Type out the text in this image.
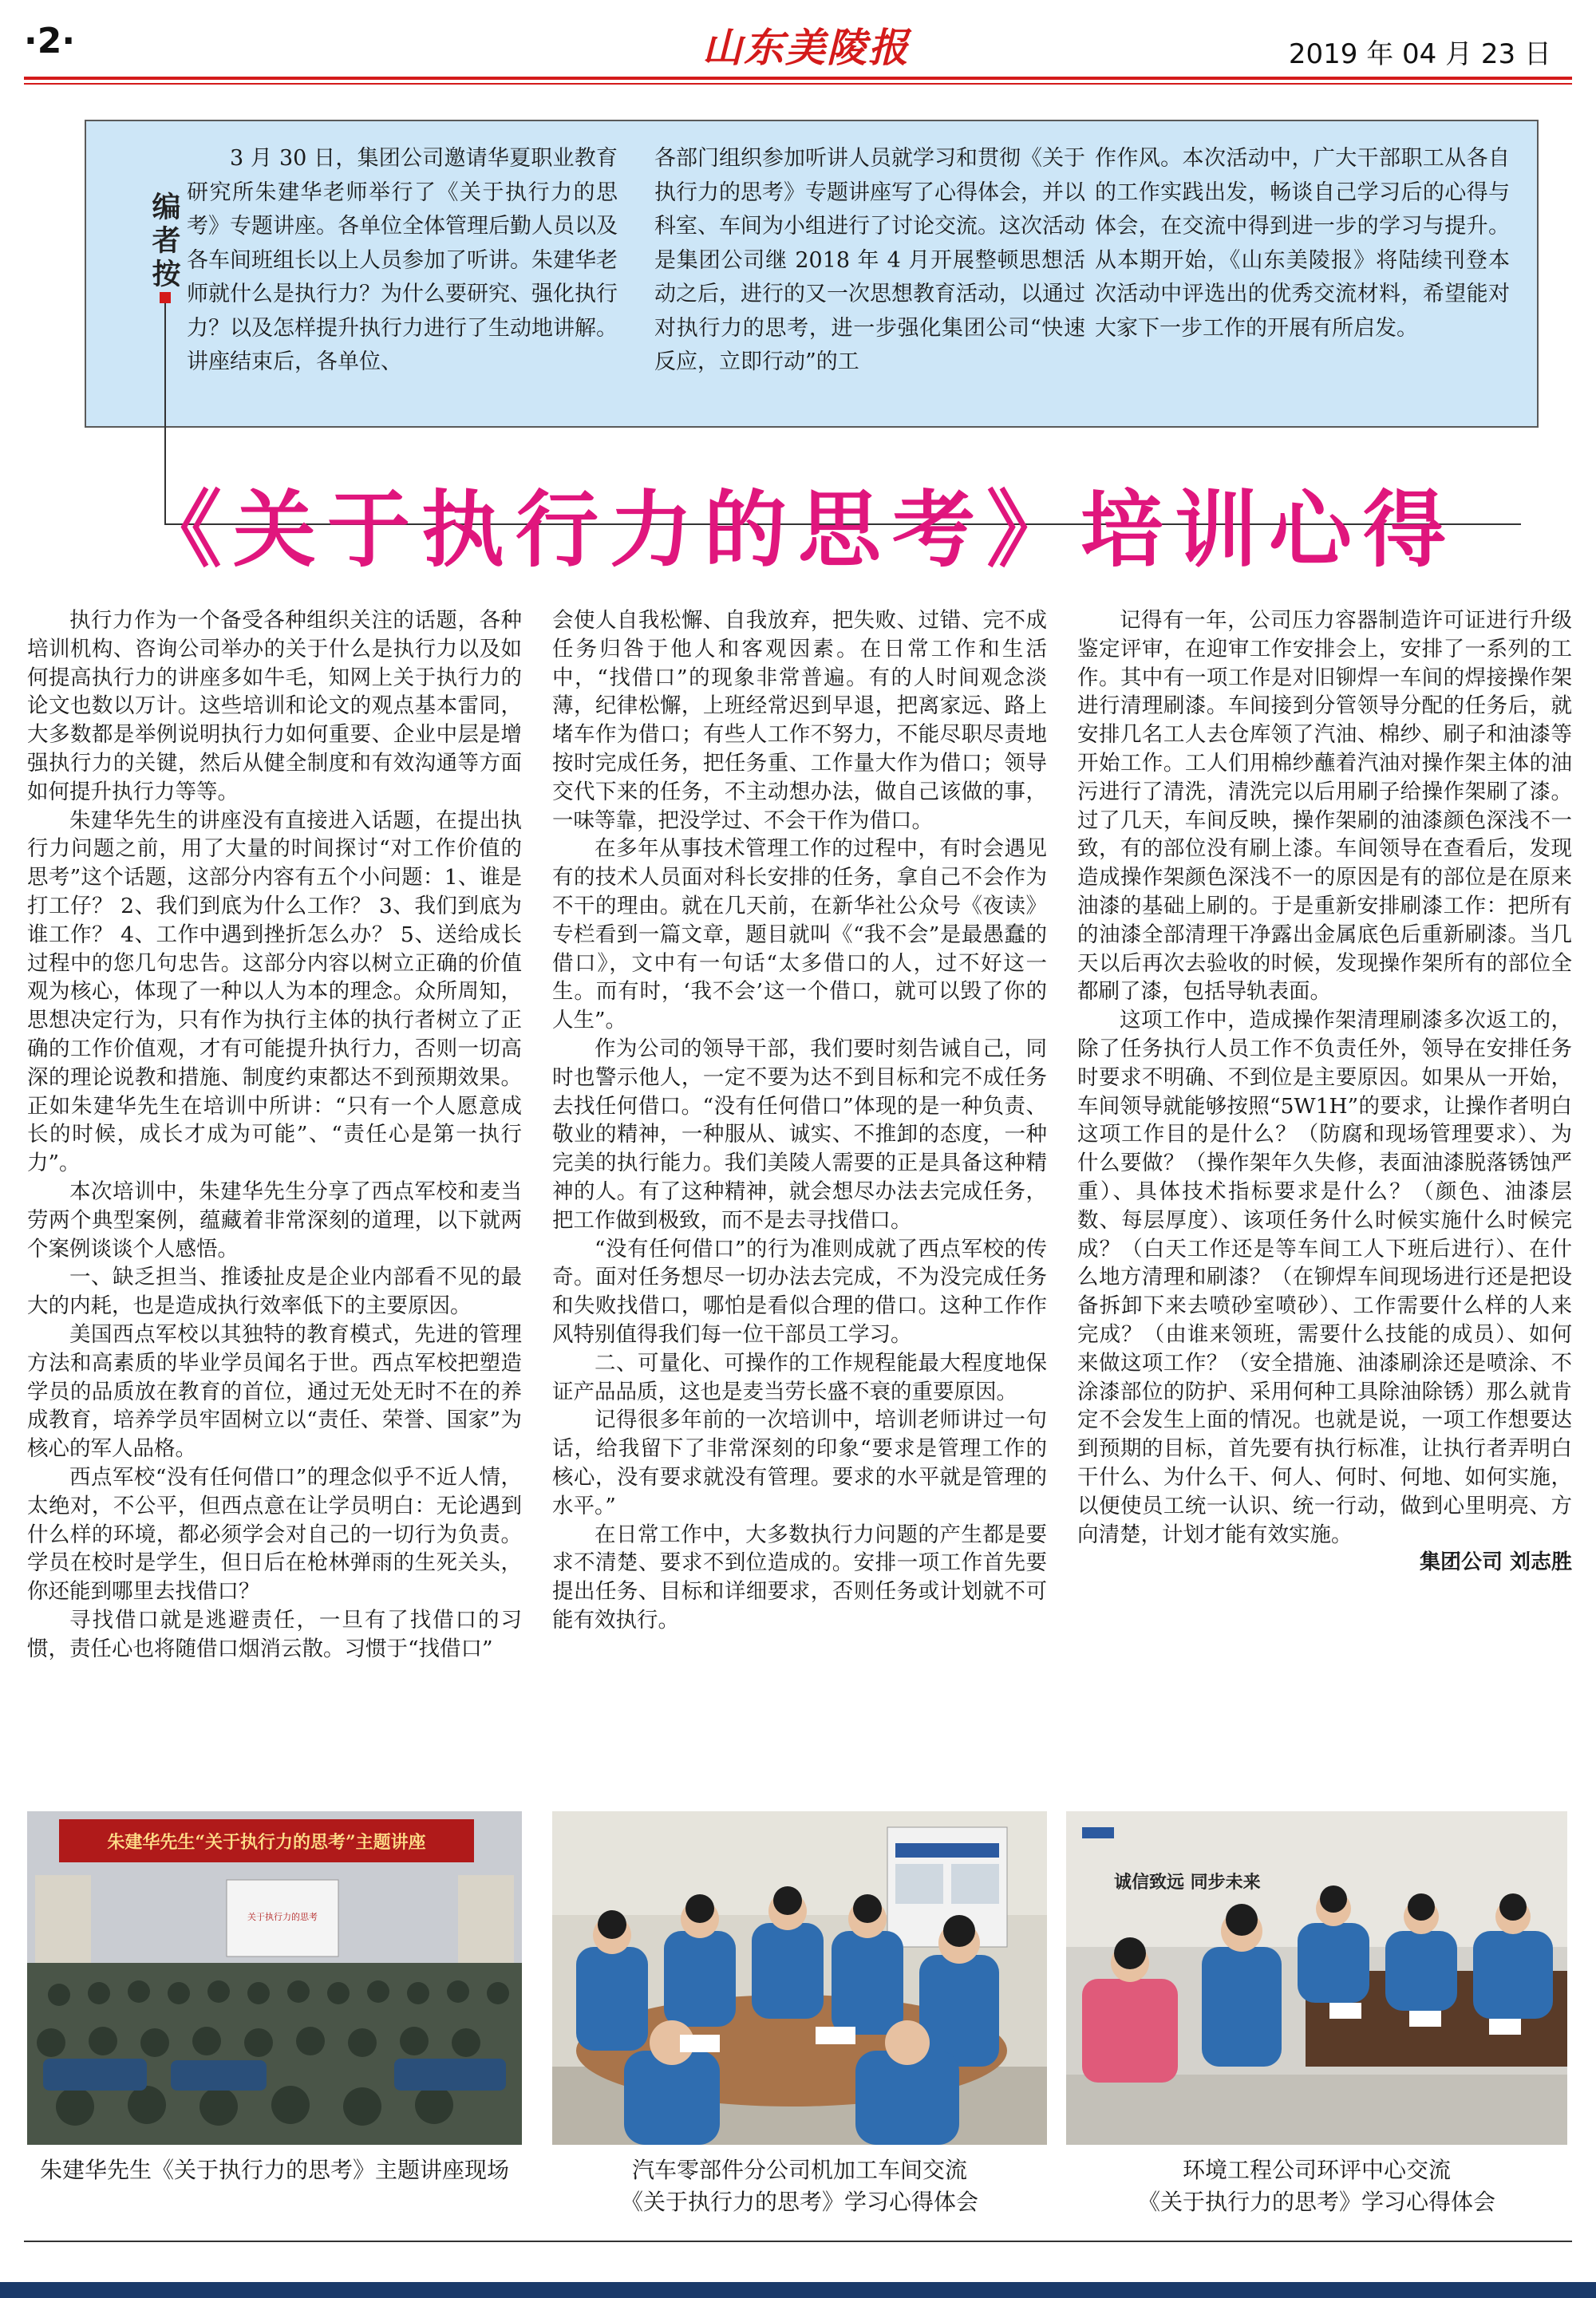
·2·	山东美陵报	2019 年 04 月 23 日
编者按
3 月 30 日，集团公司邀请华夏职业教育研究所朱建华老师举行了《关于执行力的思考》专题讲座。各单位全体管理后勤人员以及各车间班组长以上人员参加了听讲。朱建华老师就什么是执行力？为什么要研究、强化执行力？以及怎样提升执行力进行了生动地讲解。讲座结束后，各单位、
各部门组织参加听讲人员就学习和贯彻《关于执行力的思考》专题讲座写了心得体会，并以科室、车间为小组进行了讨论交流。这次活动是集团公司继 2018 年 4 月开展整顿思想活动之后，进行的又一次思想教育活动，以通过对执行力的思考，进一步强化集团公司“快速反应，立即行动”的工
作作风。本次活动中，广大干部职工从各自的工作实践出发，畅谈自己学习后的心得与体会，在交流中得到进一步的学习与提升。从本期开始，《山东美陵报》将陆续刊登本次活动中评选出的优秀交流材料，希望能对大家下一步工作的开展有所启发。
《关于执行力的思考》培训心得

执行力作为一个备受各种组织关注的话题，各种培训机构、咨询公司举办的关于什么是执行力以及如何提高执行力的讲座多如牛毛，知网上关于执行力的论文也数以万计。这些培训和论文的观点基本雷同，大多数都是举例说明执行力如何重要、企业中层是增强执行力的关键，然后从健全制度和有效沟通等方面如何提升执行力等等。

朱建华先生的讲座没有直接进入话题，在提出执行力问题之前，用了大量的时间探讨“对工作价值的思考”这个话题，这部分内容有五个小问题：1、谁是打工仔？ 2、我们到底为什么工作？ 3、我们到底为谁工作？ 4、工作中遇到挫折怎么办？ 5、送给成长过程中的您几句忠告。这部分内容以树立正确的价值观为核心，体现了一种以人为本的理念。众所周知，思想决定行为，只有作为执行主体的执行者树立了正确的工作价值观，才有可能提升执行力，否则一切高深的理论说教和措施、制度约束都达不到预期效果。正如朱建华先生在培训中所讲：“只有一个人愿意成长的时候，成长才成为可能”、“责任心是第一执行力”。

本次培训中，朱建华先生分享了西点军校和麦当劳两个典型案例，蕴藏着非常深刻的道理，以下就两个案例谈谈个人感悟。

一、缺乏担当、推诿扯皮是企业内部看不见的最大的内耗，也是造成执行效率低下的主要原因。

美国西点军校以其独特的教育模式，先进的管理方法和高素质的毕业学员闻名于世。西点军校把塑造学员的品质放在教育的首位，通过无处无时不在的养成教育，培养学员牢固树立以“责任、荣誉、国家”为核心的军人品格。

西点军校“没有任何借口”的理念似乎不近人情，太绝对，不公平，但西点意在让学员明白：无论遇到什么样的环境，都必须学会对自己的一切行为负责。学员在校时是学生，但日后在枪林弹雨的生死关头，你还能到哪里去找借口？

寻找借口就是逃避责任，一旦有了找借口的习惯，责任心也将随借口烟消云散。习惯于“找借口”

会使人自我松懈、自我放弃，把失败、过错、完不成任务归咎于他人和客观因素。在日常工作和生活中，“找借口”的现象非常普遍。有的人时间观念淡薄，纪律松懈，上班经常迟到早退，把离家远、路上堵车作为借口；有些人工作不努力，不能尽职尽责地按时完成任务，把任务重、工作量大作为借口；领导交代下来的任务，不主动想办法，做自己该做的事，一味等靠，把没学过、不会干作为借口。

在多年从事技术管理工作的过程中，有时会遇见有的技术人员面对科长安排的任务，拿自己不会作为不干的理由。就在几天前，在新华社公众号《夜读》专栏看到一篇文章，题目就叫《“我不会”是最愚蠢的借口》，文中有一句话“太多借口的人，过不好这一生。而有时，‘我不会’这一个借口，就可以毁了你的人生”。

作为公司的领导干部，我们要时刻告诫自己，同时也警示他人，一定不要为达不到目标和完不成任务去找任何借口。“没有任何借口”体现的是一种负责、敬业的精神，一种服从、诚实、不推卸的态度，一种完美的执行能力。我们美陵人需要的正是具备这种精神的人。有了这种精神，就会想尽办法去完成任务，把工作做到极致，而不是去寻找借口。

“没有任何借口”的行为准则成就了西点军校的传奇。面对任务想尽一切办法去完成，不为没完成任务和失败找借口，哪怕是看似合理的借口。这种工作作风特别值得我们每一位干部员工学习。

二、可量化、可操作的工作规程能最大程度地保证产品品质，这也是麦当劳长盛不衰的重要原因。

记得很多年前的一次培训中，培训老师讲过一句话，给我留下了非常深刻的印象“要求是管理工作的核心，没有要求就没有管理。要求的水平就是管理的水平。”

在日常工作中，大多数执行力问题的产生都是要求不清楚、要求不到位造成的。安排一项工作首先要提出任务、目标和详细要求，否则任务或计划就不可能有效执行。

记得有一年，公司压力容器制造许可证进行升级鉴定评审，在迎审工作安排会上，安排了一系列的工作。其中有一项工作是对旧铆焊一车间的焊接操作架进行清理刷漆。车间接到分管领导分配的任务后，就安排几名工人去仓库领了汽油、棉纱、刷子和油漆等开始工作。工人们用棉纱蘸着汽油对操作架主体的油污进行了清洗，清洗完以后用刷子给操作架刷了漆。过了几天，车间反映，操作架刷的油漆颜色深浅不一致，有的部位没有刷上漆。车间领导在查看后，发现造成操作架颜色深浅不一的原因是有的部位是在原来油漆的基础上刷的。于是重新安排刷漆工作：把所有的油漆全部清理干净露出金属底色后重新刷漆。当几天以后再次去验收的时候，发现操作架所有的部位全都刷了漆，包括导轨表面。

这项工作中，造成操作架清理刷漆多次返工的，除了任务执行人员工作不负责任外，领导在安排任务时要求不明确、不到位是主要原因。如果从一开始，车间领导就能够按照“5W1H”的要求，让操作者明白这项工作目的是什么？（防腐和现场管理要求）、为什么要做？（操作架年久失修，表面油漆脱落锈蚀严重）、具体技术指标要求是什么？（颜色、油漆层数、每层厚度）、该项任务什么时候实施什么时候完成？（白天工作还是等车间工人下班后进行）、在什么地方清理和刷漆？（在铆焊车间现场进行还是把设备拆卸下来去喷砂室喷砂）、工作需要什么样的人来完成？（由谁来领班，需要什么技能的成员）、如何来做这项工作？（安全措施、油漆刷涂还是喷涂、不涂漆部位的防护、采用何种工具除油除锈）那么就肯定不会发生上面的情况。也就是说，一项工作想要达到预期的目标，首先要有执行标准，让执行者弄明白干什么、为什么干、何人、何时、何地、如何实施，以便使员工统一认识、统一行动，做到心里明亮、方向清楚，计划才能有效实施。

集团公司 刘志胜

朱建华先生“关于执行力的思考”主题讲座
关于执行力的思考
诚信致远 同步未来
朱建华先生《关于执行力的思考》主题讲座现场	汽车零部件分公司机加工车间交流
《关于执行力的思考》学习心得体会
环境工程公司环评中心交流
《关于执行力的思考》学习心得体会
